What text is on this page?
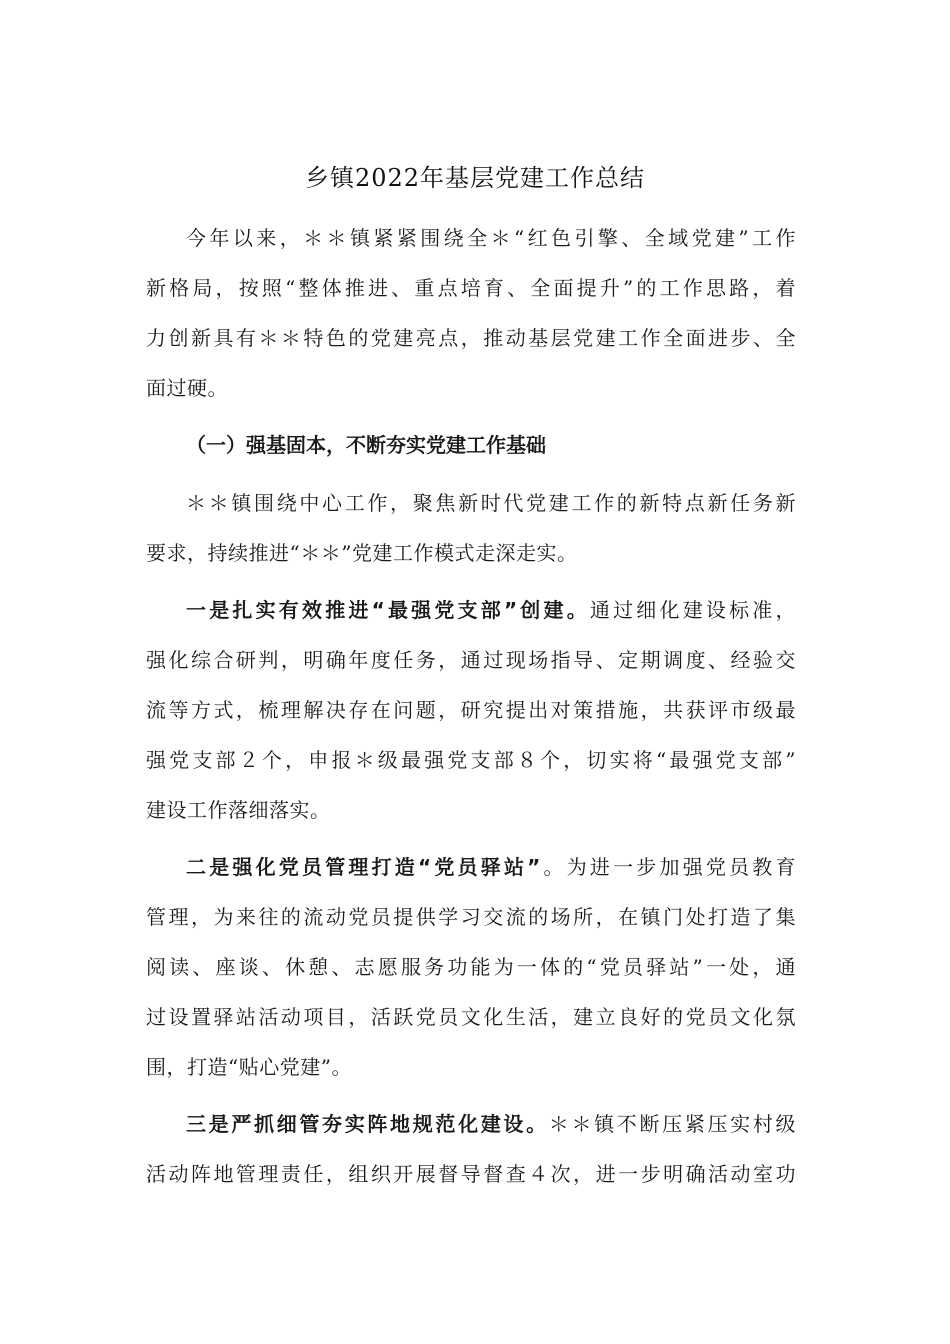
乡镇2022年基层党建工作总结
今年以来，＊＊镇紧紧围绕全＊“红色引擎、全域党建”工作
新格局，按照“整体推进、重点培育、全面提升”的工作思路，着
力创新具有＊＊特色的党建亮点，推动基层党建工作全面进步、全
面过硬。
（一）强基固本，不断夯实党建工作基础
＊＊镇围绕中心工作，聚焦新时代党建工作的新特点新任务新
要求，持续推进“＊＊”党建工作模式走深走实。
一是扎实有效推进“最强党支部”创建。通过细化建设标准，
强化综合研判，明确年度任务，通过现场指导、定期调度、经验交
流等方式，梳理解决存在问题，研究提出对策措施，共获评市级最
强党支部２个，申报＊级最强党支部８个，切实将“最强党支部”
建设工作落细落实。
二是强化党员管理打造“党员驿站”。为进一步加强党员教育
管理，为来往的流动党员提供学习交流的场所，在镇门处打造了集
阅读、座谈、休憩、志愿服务功能为一体的“党员驿站”一处，通
过设置驿站活动项目，活跃党员文化生活，建立良好的党员文化氛
围，打造“贴心党建”。
三是严抓细管夯实阵地规范化建设。＊＊镇不断压紧压实村级
活动阵地管理责任，组织开展督导督查４次，进一步明确活动室功
